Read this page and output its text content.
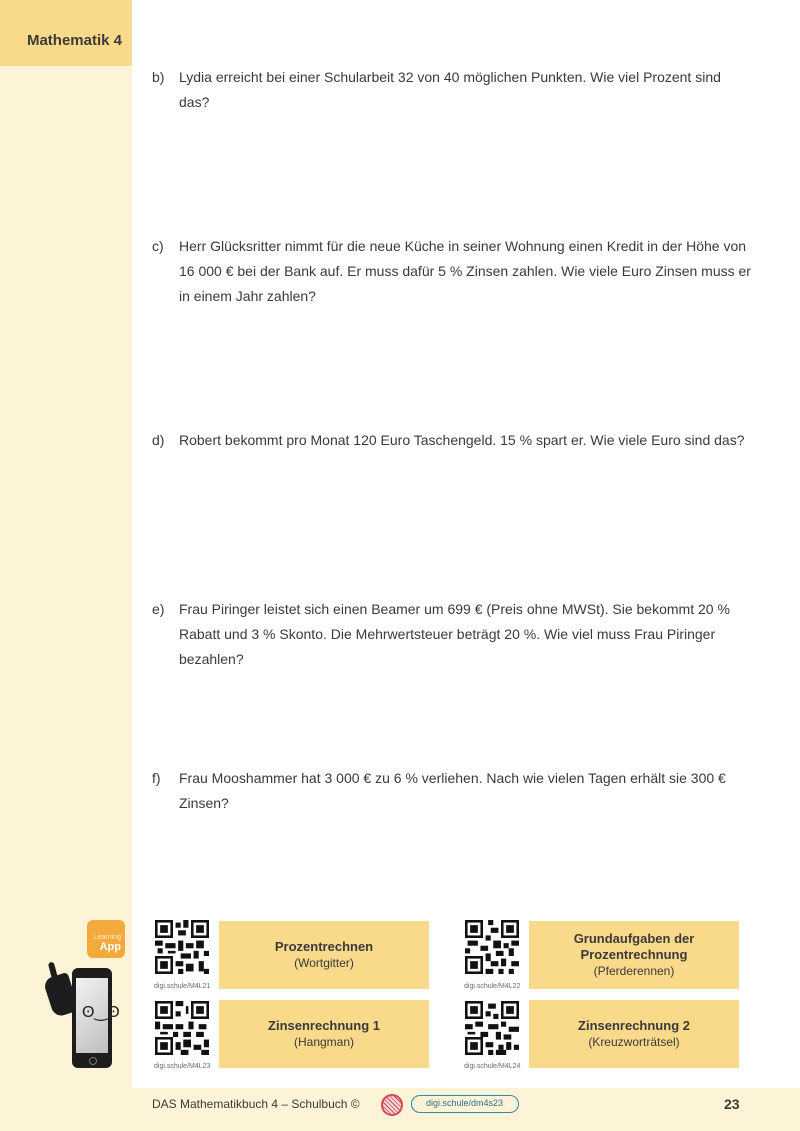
Mathematik 4
b) Lydia erreicht bei einer Schularbeit 32 von 40 möglichen Punkten. Wie viel Prozent sind das?
c) Herr Glücksritter nimmt für die neue Küche in seiner Wohnung einen Kredit in der Höhe von 16 000 € bei der Bank auf. Er muss dafür 5 % Zinsen zahlen. Wie viele Euro Zinsen muss er in einem Jahr zahlen?
d) Robert bekommt pro Monat 120 Euro Taschengeld. 15 % spart er. Wie viele Euro sind das?
e) Frau Piringer leistet sich einen Beamer um 699 € (Preis ohne MWSt). Sie bekommt 20 % Rabatt und 3 % Skonto. Die Mehrwertsteuer beträgt 20 %. Wie viel muss Frau Piringer bezahlen?
f) Frau Mooshammer hat 3 000 € zu 6 % verliehen. Nach wie vielen Tagen erhält sie 300 € Zinsen?
Learning
App
ʘ‿ʘ
digi.schule/M4L21	digi.schule/M4L22
digi.schule/M4L23	digi.schule/M4L24
Prozentrechnen
(Wortgitter)
Grundaufgaben der Prozentrechnung
(Pferderennen)
Zinsenrechnung 1
(Hangman)
Zinsenrechnung 2
(Kreuzworträtsel)
DAS Mathematikbuch 4 – Schulbuch ©	digi.schule/dm4s23	23
